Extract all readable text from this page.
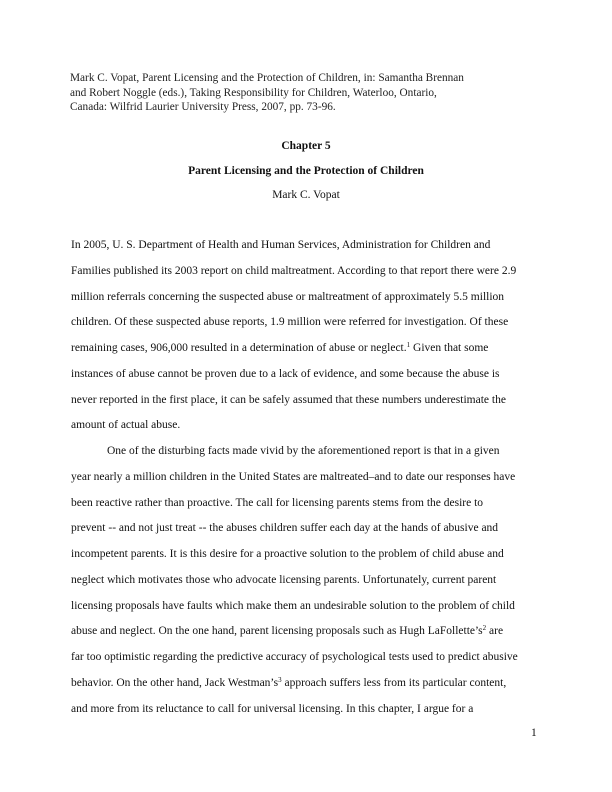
Mark C. Vopat, Parent Licensing and the Protection of Children, in: Samantha Brennan
and Robert Noggle (eds.), Taking Responsibility for Children, Waterloo, Ontario,
Canada: Wilfrid Laurier University Press, 2007, pp. 73-96.
Chapter 5
Parent Licensing and the Protection of Children
Mark C. Vopat
In 2005, U. S. Department of Health and Human Services, Administration for Children and
Families published its 2003 report on child maltreatment. According to that report there were 2.9
million referrals concerning the suspected abuse or maltreatment of approximately 5.5 million
children. Of these suspected abuse reports, 1.9 million were referred for investigation. Of these
remaining cases, 906,000 resulted in a determination of abuse or neglect.$^1$ Given that some
instances of abuse cannot be proven due to a lack of evidence, and some because the abuse is
never reported in the first place, it can be safely assumed that these numbers underestimate the
amount of actual abuse.
One of the disturbing facts made vivid by the aforementioned report is that in a given
year nearly a million children in the United States are maltreated–and to date our responses have
been reactive rather than proactive. The call for licensing parents stems from the desire to
prevent -- and not just treat -- the abuses children suffer each day at the hands of abusive and
incompetent parents. It is this desire for a proactive solution to the problem of child abuse and
neglect which motivates those who advocate licensing parents. Unfortunately, current parent
licensing proposals have faults which make them an undesirable solution to the problem of child
abuse and neglect. On the one hand, parent licensing proposals such as Hugh $LaFollette’s^2$ are
far too optimistic regarding the predictive accuracy of psychological tests used to predict abusive
behavior. On the other hand, Jack $Westman’s^3$ approach suffers less from its particular content,
and more from its reluctance to call for universal licensing. In this chapter, I argue for a
1
